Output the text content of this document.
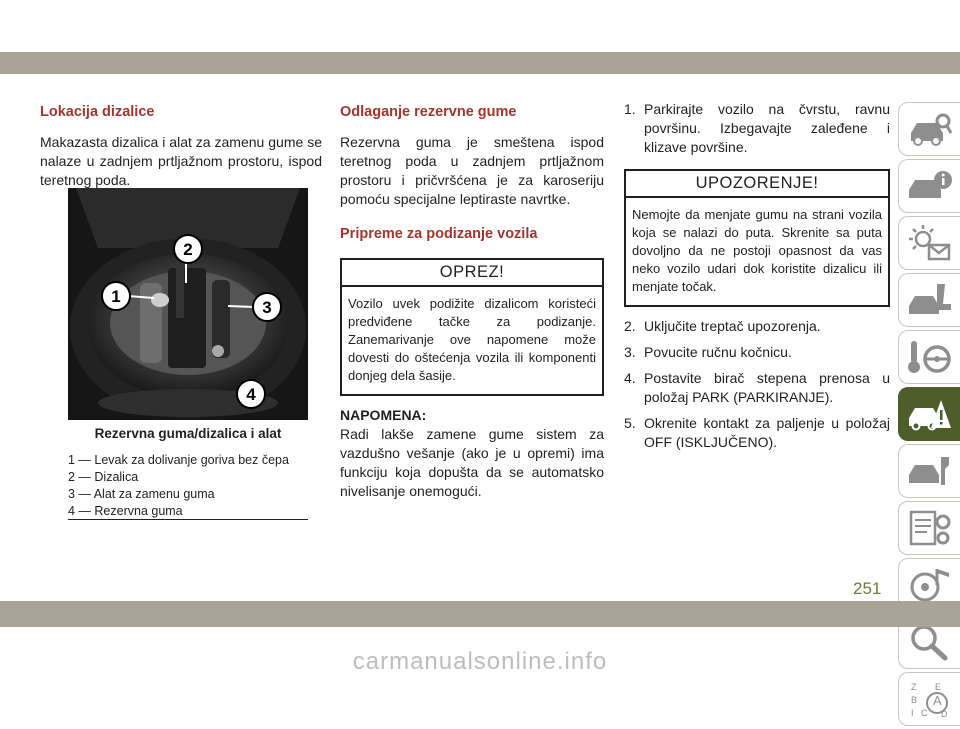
Lokacija dizalice

Makazasta dizalica i alat za zamenu gume se nalaze u zadnjem prtljažnom prostoru, ispod teretnog poda.

1
2
3
4
Rezervna guma/dizalica i alat
1 — Levak za dolivanje goriva bez čepa
2 — Dizalica
3 — Alat za zamenu guma
4 — Rezervna guma
Odlaganje rezervne gume

Rezervna guma je smeštena ispod teretnog poda u zadnjem prtljažnom prostoru i pričvršćena je za karoseriju pomoću specijalne leptiraste navrtke.

Pripreme za podizanje vozila
OPREZ!
Vozilo uvek podižite dizalicom koristeći predviđene tačke za podizanje. Zanemarivanje ove napomene može dovesti do oštećenja vozila ili komponenti donjeg dela šasije.
NAPOMENA:

Radi lakše zamene gume sistem za vazdušno vešanje (ako je u opremi) ima funkciju koja dopušta da se automatsko nivelisanje onemogući.

1. Parkirajte vozilo na čvrstu, ravnu površinu. Izbegavajte zaleđene i klizave površine.
UPOZORENJE!
Nemojte da menjate gumu na strani vozila koja se nalazi do puta. Skrenite sa puta dovoljno da ne postoji opasnost da vas neko vozilo udari dok koristite dizalicu ili menjate točak.
2. Uključite treptač upozorenja.
3. Povucite ručnu kočnicu.
4. Postavite birač stepena prenosa u položaj PARK (PARKIRANJE).
5. Okrenite kontakt za paljenje u položaj OFF (ISKLJUČENO).
Z E
B A
I C D
251
carmanualsonline.info
